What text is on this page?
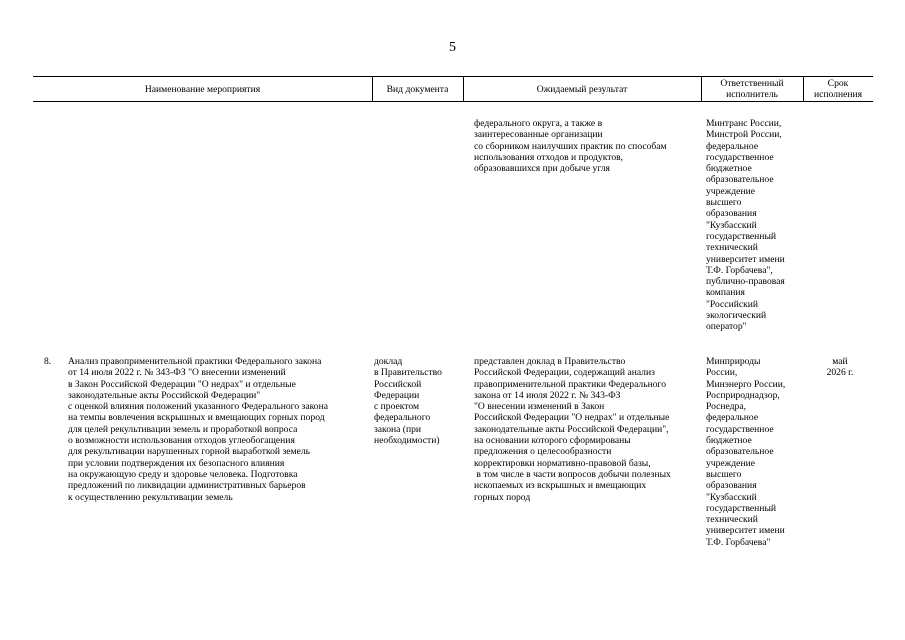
5
Наименование мероприятия	Вид документа	Ожидаемый результат
Ответственный
исполнитель
Срок
исполнения
федерального округа, а также в
заинтересованные организации
со сборником наилучших практик по способам
использования отходов и продуктов,
образовавшихся при добыче угля
Минтранс России,
Минстрой России,
федеральное
государственное
бюджетное
образовательное
учреждение
высшего
образования
"Кузбасский
государственный
технический
университет имени
Т.Ф. Горбачева",
публично-правовая
компания
"Российский
экологический
оператор"
8. Анализ правоприменительной практики Федерального закона
от 14 июля 2022 г. № 343-ФЗ "О внесении изменений
в Закон Российской Федерации "О недрах" и отдельные
законодательные акты Российской Федерации"
с оценкой влияния положений указанного Федерального закона
на темпы вовлечения вскрышных и вмещающих горных пород
для целей рекультивации земель и проработкой вопроса
о возможности использования отходов углеобогащения
для рекультивации нарушенных горной выработкой земель
при условии подтверждения их безопасного влияния
на окружающую среду и здоровье человека. Подготовка
предложений по ликвидации административных барьеров
к осуществлению рекультивации земель
доклад
в Правительство
Российской
Федерации
с проектом
федерального
закона (при
необходимости)
представлен доклад в Правительство
Российской Федерации, содержащий анализ
правоприменительной практики Федерального
закона от 14 июля 2022 г. № 343-ФЗ
"О внесении изменений в Закон
Российской Федерации "О недрах" и отдельные
законодательные акты Российской Федерации",
на основании которого сформированы
предложения о целесообразности
корректировки нормативно-правовой базы,
в том числе в части вопросов добычи полезных
ископаемых из вскрышных и вмещающих
горных пород
Минприроды
России,
Минэнерго России,
Росприроднадзор,
Роснедра,
федеральное
государственное
бюджетное
образовательное
учреждение
высшего
образования
"Кузбасский
государственный
технический
университет имени
Т.Ф. Горбачева"
май
2026 г.
